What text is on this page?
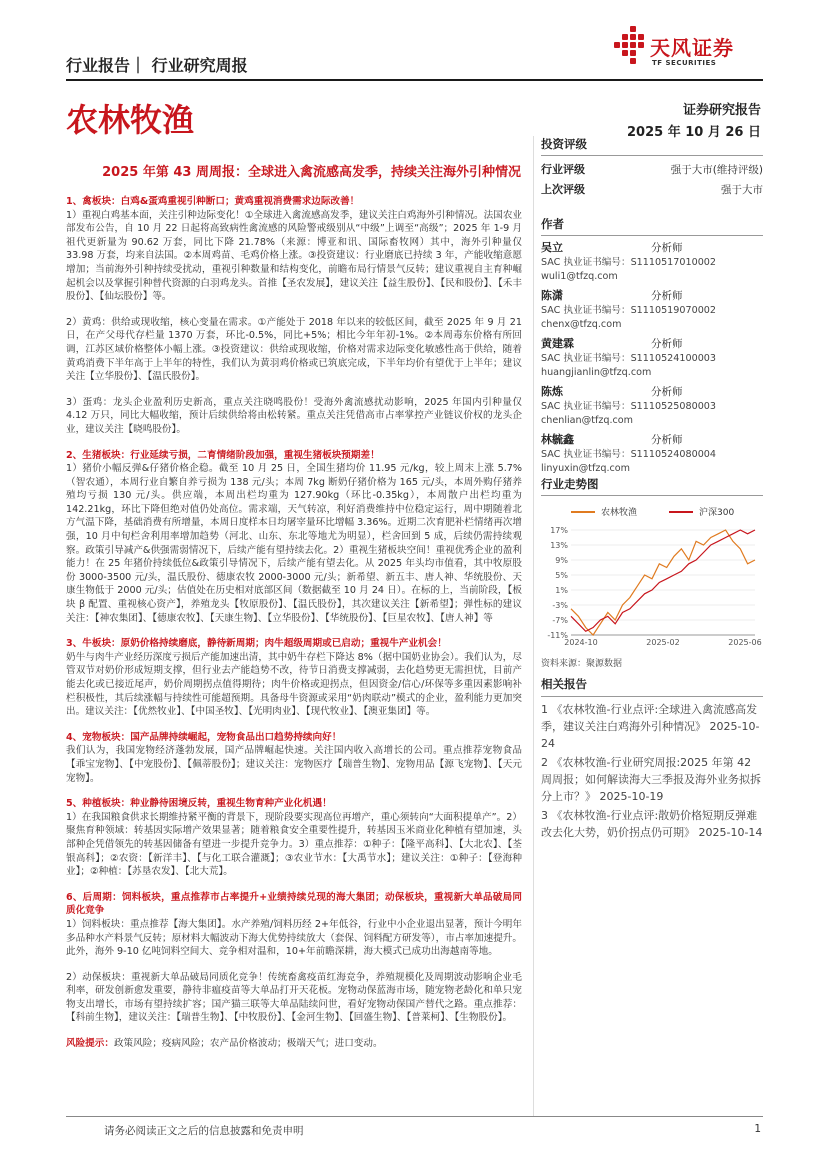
行业报告｜ 行业研究周报
天风证券
TF SECURITIES
农林牧渔	证券研究报告
2025 年 10 月 26 日
2025 年第 43 周周报：全球进入禽流感高发季，持续关注海外引种情况

1、禽板块：白鸡&蛋鸡重视引种断口；黄鸡重视消费需求边际改善！
1）重视白鸡基本面，关注引种边际变化！①全球进入禽流感高发季，建议关注白鸡海外引种情况。法国农业部发布公告，自 10 月 22 日起将高致病性禽流感的风险警戒级别从“中级”上调至“高级”；2025 年 1-9 月祖代更新量为 90.62 万套，同比下降 21.78%（来源：博亚和讯、国际畜牧网）其中，海外引种量仅 33.98 万套，均来自法国。②本周鸡苗、毛鸡价格上涨。③投资建议：行业磨底已持续 3 年，产能收缩意愿增加；当前海外引种持续受扰动，重视引种数量和结构变化，前瞻布局行情景气反转；建议重视自主育种崛起机会以及掌握引种替代资源的白羽鸡龙头。首推【圣农发展】，建议关注【益生股份】、【民和股份】、【禾丰股份】、【仙坛股份】等。

2）黄鸡：供给或现收缩，核心变量在需求。①产能处于 2018 年以来的较低区间，截至 2025 年 9 月 21 日，在产父母代存栏量 1370 万套，环比-0.5%，同比+5%；相比今年年初-1%。②本周毒东价格有所回调，江苏区域价格整体小幅上涨。③投资建议：供给或现收缩，价格对需求边际变化敏感性高于供给，随着黄鸡消费下半年高于上半年的特性，我们认为黄羽鸡价格或已筑底完成，下半年均价有望优于上半年；建议关注【立华股份】、【温氏股份】。

3）蛋鸡：龙头企业盈利历史新高，重点关注晓鸣股份！受海外禽流感扰动影响，2025 年国内引种量仅 4.12 万只，同比大幅收缩，预计后续供给将由松转紧。重点关注凭借高市占率掌控产业链议价权的龙头企业，建议关注【晓鸣股份】。

2、生猪板块：行业延续亏损，二育情绪阶段加强，重视生猪板块预期差！
1）猪价小幅反弹&仔猪价格企稳。截至 10 月 25 日，全国生猪均价 11.95 元/kg，较上周末上涨 5.7%（智农通），本周行业自繁自养亏损为 138 元/头；本周 7kg 断奶仔猪价格为 165 元/头，本周外购仔猪养殖均亏损 130 元/头。供应端，本周出栏均重为 127.90kg（环比-0.35kg），本周散户出栏均重为 142.21kg，环比下降但绝对值仍处高位。需求端，天气转凉，利好消费维持中位稳定运行，周中期随着北方气温下降，基础消费有所增量，本周日度样本日均屠宰量环比增幅 3.36%。近期二次育肥补栏情绪再次增强，10 月中旬栏舍利用率增加趋势（河北、山东、东北等地尤为明显），栏舍回到 5 成，后续仍需持续观察。政策引导减产&供强需弱情况下，后续产能有望持续去化。2）重视生猪板块空间！重视优秀企业的盈利能力！在 25 年猪价持续低位&政策引导情况下，后续产能有望去化。从 2025 年头均市值看，其中牧原股份 3000-3500 元/头，温氏股份、德康农牧 2000-3000 元/头；新希望、新五丰、唐人神、华统股份、天康生物低于 2000 元/头；估值处在历史相对底部区间（数据截至 10 月 24 日）。在标的上，当前阶段，【板块 β 配置、重视核心资产】，养殖龙头【牧原股份】、【温氏股份】，其次建议关注【新希望】；弹性标的建议关注：【神农集团】、【德康农牧】、【天康生物】、【立华股份】、【华统股份】、【巨星农牧】、【唐人神】等

3、牛板块：原奶价格持续磨底，静待新周期；肉牛超级周期或已启动；重视牛产业机会！
奶牛与肉牛产业经历深度亏损后产能加速出清，其中奶牛存栏下降达 8%（据中国奶业协会）。我们认为，尽管双节对奶价形成短期支撑，但行业去产能趋势不改，待节日消费支撑减弱，去化趋势更无需担忧，目前产能去化或已接近尾声，奶价周期拐点值得期待；肉牛价格或迎拐点，但因资金/信心/环保等多重因素影响补栏积极性，其后续涨幅与持续性可能超预期。具备母牛资源或采用“奶肉联动”模式的企业，盈利能力更加突出。建议关注：【优然牧业】、【中国圣牧】、【光明肉业】、【现代牧业】、【澳亚集团】等。

4、宠物板块：国产品牌持续崛起，宠物食品出口趋势持续向好！
我们认为，我国宠物经济蓬勃发展，国产品牌崛起快速。关注国内收入高增长的公司。重点推荐宠物食品【乖宝宠物】、【中宠股份】、【佩蒂股份】；建议关注：宠物医疗【瑞普生物】、宠物用品【源飞宠物】、【天元宠物】。

5、种植板块：种业静待困境反转，重视生物育种产业化机遇！
1）在我国粮食供求长期维持紧平衡的背景下，现阶段要实现高位再增产，重心须转向“大面积提单产”。2）聚焦育种领域：转基因实际增产效果显著；随着粮食安全重要性提升，转基因玉米商业化种植有望加速，头部种企凭借领先的转基因储备有望进一步提升竞争力。3）重点推荐：①种子：【隆平高科】、【大北农】、【荃银高科】；②农资：【新洋丰】、【与化工联合灌溉】；③农业节水：【大禹节水】；建议关注：①种子：【登海种业】；②种植：【苏垦农发】、【北大荒】。

6、后周期：饲料板块，重点推荐市占率提升+业绩持续兑现的海大集团；动保板块，重视新大单品破局同质化竞争
1）饲料板块：重点推荐【海大集团】。水产养殖/饲料历经 2+年低谷，行业中小企业退出显著，预计今明年多品种水产料景气反转；原材料大幅波动下海大优势持续放大（套保、饲料配方研发等），市占率加速提升。此外，海外 9-10 亿吨饲料空间大、竞争相对温和，10+年前瞻深耕，海大模式已成功出海越南等地。

2）动保板块：重视新大单品破局同质化竞争！传统畜禽疫苗红海竞争，养殖规模化及周期波动影响企业毛利率，研发创新愈发重要，静待非瘟疫苗等大单品打开天花板。宠物动保蓝海市场，随宠物老龄化和单只宠物支出增长，市场有望持续扩容；国产猫三联等大单品陆续问世，看好宠物动保国产替代之路。重点推荐：【科前生物】，建议关注：【瑞普生物】、【中牧股份】、【金河生物】、【回盛生物】、【普莱柯】、【生物股份】。

风险提示：政策风险；疫病风险；农产品价格波动；极端天气；进口变动。

投资评级
行业评级	强于大市(维持评级)
上次评级	强于大市
作者
吴立	分析师
SAC 执业证书编号：S1110517010002
wuli1@tfzq.com
陈潇	分析师
SAC 执业证书编号：S1110519070002
chenx@tfzq.com
黄建霖	分析师
SAC 执业证书编号：S1110524100003
huangjianlin@tfzq.com
陈炼	分析师
SAC 执业证书编号：S1110525080003
chenlian@tfzq.com
林毓鑫	分析师
SAC 执业证书编号：S1110524080004
linyuxin@tfzq.com
行业走势图
农林牧渔	沪深300
17%
13%
9%
5%
1%
-3%
-7%
-11%
2024-10	2025-02	2025-06
资料来源：聚源数据
相关报告
1 《农林牧渔-行业点评:全球进入禽流感高发季，建议关注白鸡海外引种情况》 2025-10-24
2 《农林牧渔-行业研究周报:2025 年第 42 周周报；如何解读海大三季报及海外业务拟拆分上市？》 2025-10-19
3 《农林牧渔-行业点评:散奶价格短期反弹难改去化大势，奶价拐点仍可期》 2025-10-14
请务必阅读正文之后的信息披露和免责申明	1
